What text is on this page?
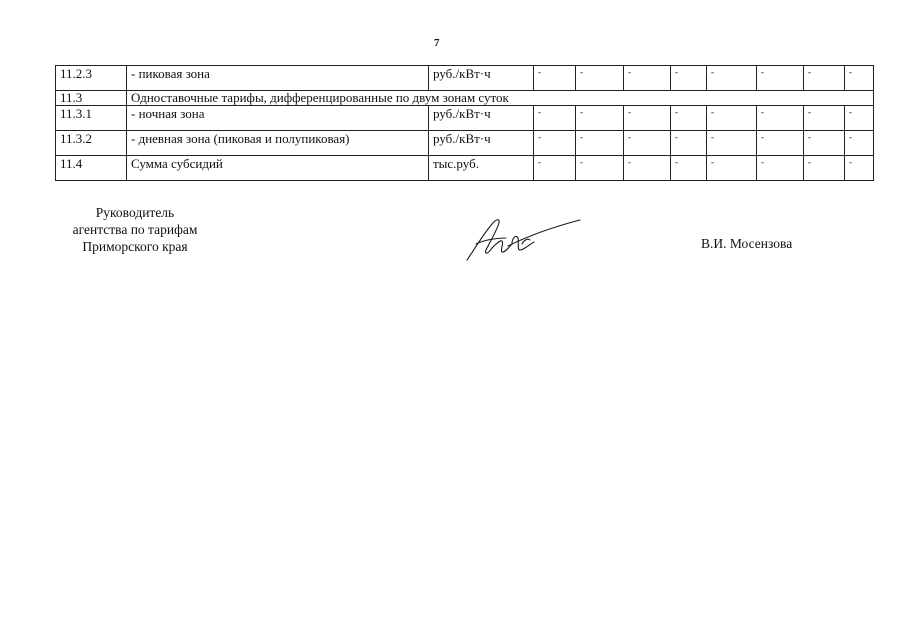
7
11.2.3	- пиковая зона	руб./кВт·ч	-	-	-	-	-	-	-	-
11.3	Одноставочные тарифы, дифференцированные по двум зонам суток									
11.3.1	- ночная зона	руб./кВт·ч	-	-	-	-	-	-	-	-
11.3.2	- дневная зона (пиковая и полупиковая)	руб./кВт·ч	-	-	-	-	-	-	-	-
11.4	Сумма субсидий	тыс.руб.	-	-	-	-	-	-	-	-
Руководитель
агентства по тарифам
Приморского края	В.И. Мосензова
